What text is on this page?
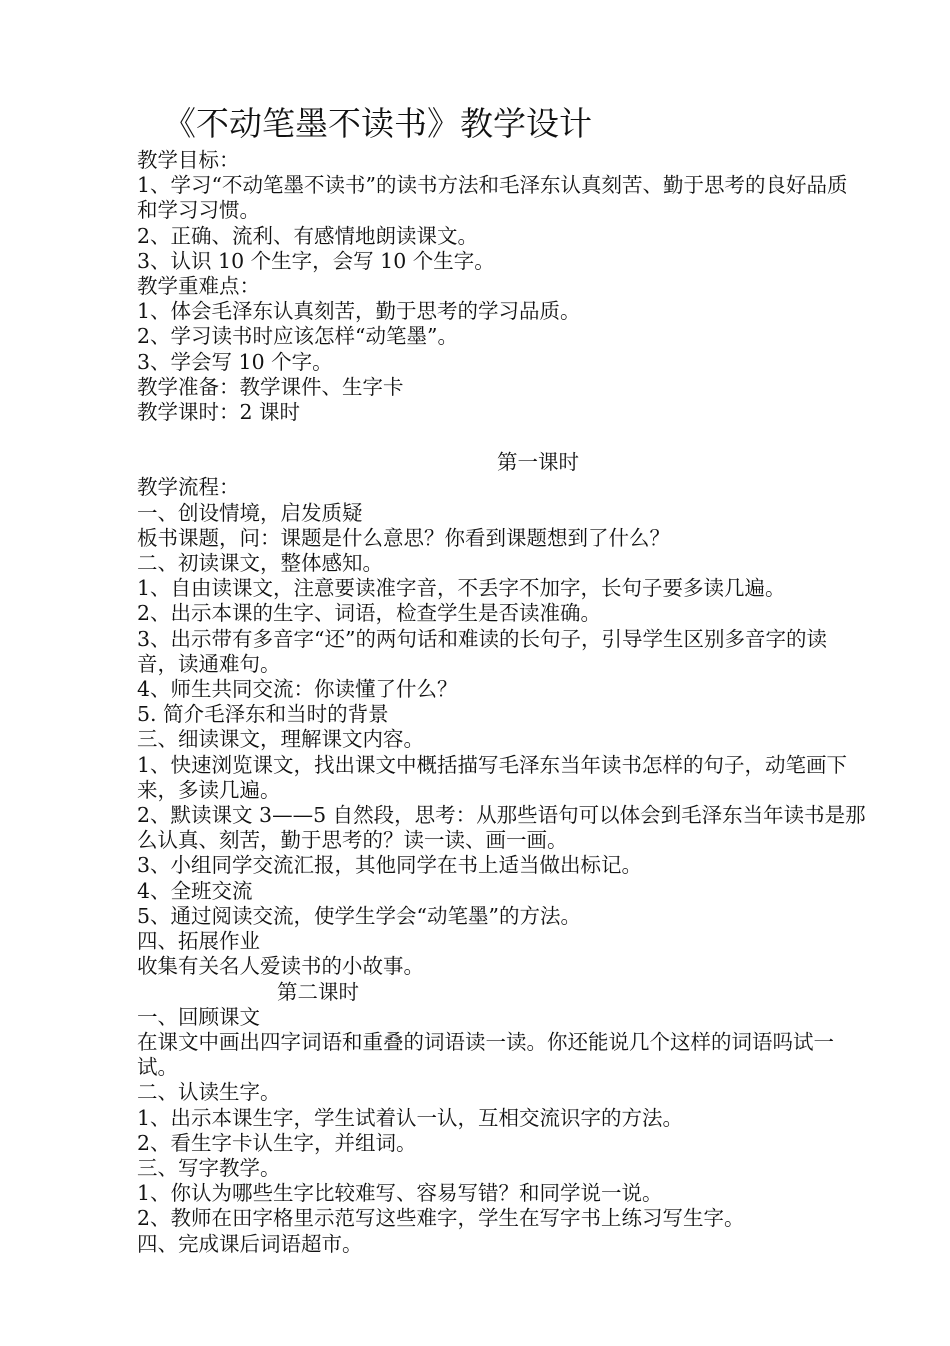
《不动笔墨不读书》教学设计

教学目标：

1、学习“不动笔墨不读书”的读书方法和毛泽东认真刻苦、勤于思考的良好品质和学习习惯。

2、正确、流利、有感情地朗读课文。

3、认识 10 个生字，会写 10 个生字。

教学重难点：

1、体会毛泽东认真刻苦，勤于思考的学习品质。

2、学习读书时应该怎样“动笔墨”。

3、学会写 10 个字。

教学准备：教学课件、生字卡

教学课时：2 课时

第一课时

教学流程：

一、创设情境，启发质疑

板书课题，问：课题是什么意思？你看到课题想到了什么？

二、初读课文，整体感知。

1、自由读课文，注意要读准字音，不丢字不加字，长句子要多读几遍。

2、出示本课的生字、词语，检查学生是否读准确。

3、出示带有多音字“还”的两句话和难读的长句子，引导学生区别多音字的读音，读通难句。

4、师生共同交流：你读懂了什么？

5. 简介毛泽东和当时的背景

三、细读课文，理解课文内容。

1、快速浏览课文，找出课文中概括描写毛泽东当年读书怎样的句子，动笔画下来，多读几遍。

2、默读课文 3——5 自然段，思考：从那些语句可以体会到毛泽东当年读书是那么认真、刻苦，勤于思考的？读一读、画一画。

3、小组同学交流汇报，其他同学在书上适当做出标记。

4、全班交流

5、通过阅读交流，使学生学会“动笔墨”的方法。

四、拓展作业

收集有关名人爱读书的小故事。

第二课时

一、回顾课文

在课文中画出四字词语和重叠的词语读一读。你还能说几个这样的词语吗试一试。

二、认读生字。

1、出示本课生字，学生试着认一认，互相交流识字的方法。

2、看生字卡认生字，并组词。

三、写字教学。

1、你认为哪些生字比较难写、容易写错？和同学说一说。

2、教师在田字格里示范写这些难字，学生在写字书上练习写生字。

四、完成课后词语超市。
